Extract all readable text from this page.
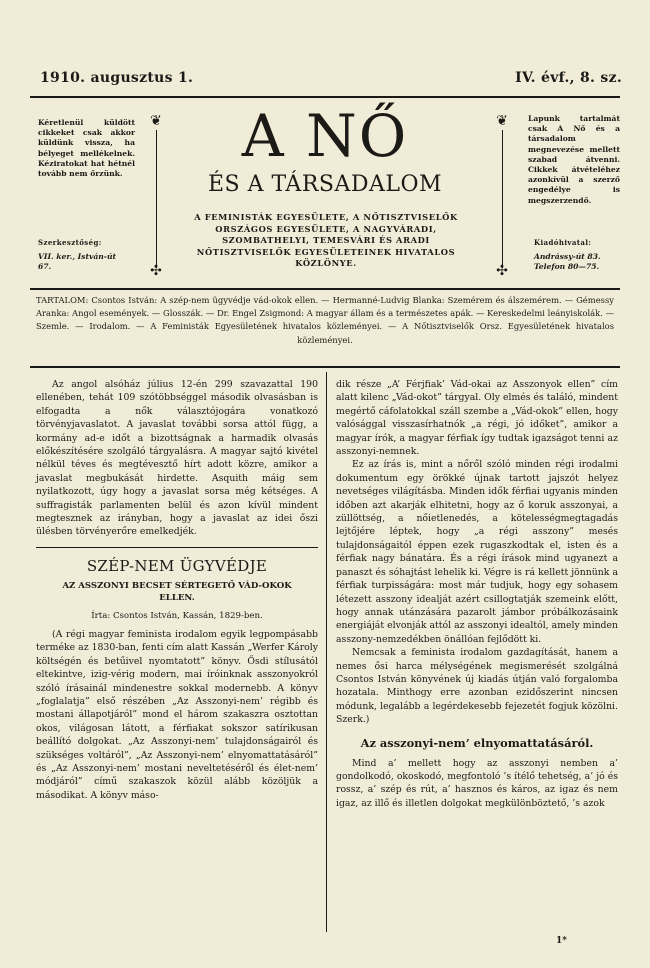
1910. augusztus 1.	IV. évf., 8. sz.
Kéretlenül küldött cikkeket csak akkor küldünk vissza, ha bélyeget mellékelnek. Kéziratokat hat hétnél tovább nem őrzünk.
Szerkesztőség:
VII. ker., István-út 67.
❦
✣
A NŐ
ÉS A TÁRSADALOM
A FEMINISTÁK EGYESÜLETE, A NŐTISZTVISELŐK ORSZÁGOS EGYESÜLETE, A NAGYVÁRADI, SZOMBATHELYI, TEMESVÁRI ÉS ARADI NŐTISZTVISELŐK EGYESÜLETEINEK HIVATALOS KÖZLÖNYE.
❦
✣
Lapunk tartalmát csak A Nő és a társadalom megnevezése mellett szabad átvenni. Cikkek átvételéhez azonkívül a szerző engedélye is megszerzendő.
Kiadóhivatal:
Andrássy-út 83. Telefon 80—75.
TARTALOM: Csontos István: A szép-nem ügyvédje vád-okok ellen. — Hermanné-Ludvig Blanka: Szemérem és álszemérem. — Gémessy Aranka: Angol események. — Glosszák. — Dr. Engel Zsigmond: A magyar állam és a természetes apák. — Kereskedelmi leányiskolák. — Szemle. — Irodalom. — A Feministák Egyesületének hivatalos közleményei. — A Nőtisztviselők Orsz. Egyesületének hivatalos közleményei.

Az angol alsóház július 12-én 299 szavazattal 190 ellenében, tehát 109 szótöbbséggel második olvasásban is elfogadta a nők választójogára vonatkozó törvényjavaslatot. A javaslat további sorsa attól függ, a kormány ad-e időt a bizottságnak a harmadik olvasás előkészítésére szolgáló tárgyalásra. A magyar sajtó kivétel nélkül téves és megtévesztő hírt adott közre, amikor a javaslat megbukását hirdette. Asquith máig sem nyilatkozott, úgy hogy a javaslat sorsa még kétséges. A suffragisták parlamenten belül és azon kívül mindent megtesznek az irányban, hogy a javaslat az idei őszi ülésben törvényerőre emelkedjék.

SZÉP-NEM ÜGYVÉDJE
AZ ASSZONYI BECSET SÉRTEGETŐ VÁD-OKOK ELLEN.
Írta: Csontos István, Kassán, 1829-ben.

(A régi magyar feminista irodalom egyik legpompásabb terméke az 1830-ban, fenti cím alatt Kassán „Werfer Károly költségén és betűivel nyomtatott” könyv. Ősdi stílusától eltekintve, izig-vérig modern, mai íróinknak asszonyokról szóló írásainál mindenestre sokkal modernebb. A könyv „foglalatja” első részében „Az Asszonyi-nem’ régibb és mostani állapotjáról” mond el három szakaszra osztottan okos, világosan látott, a férfiakat sokszor satírikusan beállító dolgokat. „Az Asszonyi-nem’ tulajdonságairól és szükséges voltáról”, „Az Asszonyi-nem’ elnyomattatásáról” és „Az Asszonyi-nem’ mostani neveltetéséről és élet-nem’ módjáról” című szakaszok közül alább közöljük a másodikat. A könyv máso-

dik része „A’ Férjfiak’ Vád-okai az Asszonyok ellen” cím alatt kilenc „Vád-okot” tárgyal. Oly elmés és találó, mindent megértő cáfolatokkal száll szembe a „Vád-okok” ellen, hogy valósággal visszasírhatnók „a régi, jó időket”, amikor a magyar írók, a magyar férfiak így tudtak igazságot tenni az asszonyi-nemnek.

Ez az írás is, mint a nőről szóló minden régi irodalmi dokumentum egy örökké újnak tartott jajszót helyez nevetséges világításba. Minden idők férfiai ugyanis minden időben azt akarják elhitetni, hogy az ő koruk asszonyai, a züllöttség, a nőietlenedés, a kötelességmegtagadás lejtőjére léptek, hogy „a régi asszony” mesés tulajdonságaitól éppen ezek rugaszkodtak el, isten és a férfiak nagy bánatára. És a régi írások mind ugyanezt a panaszt és sóhajtást lehelik ki. Végre is rá kellett jönnünk a férfiak turpisságára: most már tudjuk, hogy egy sohasem létezett asszony idealját azért csillogtatják szemeink előtt, hogy annak utánzására pazarolt jámbor próbálkozásaink energiáját elvonják attól az asszonyi idealtól, amely minden asszony-nemzedékben önállóan fejlődött ki.

Nemcsak a feminista irodalom gazdagítását, hanem a nemes ősi harca mélységének megismerését szolgálná Csontos István könyvének új kiadás útján való forgalomba hozatala. Minthogy erre azonban ezidőszerint nincsen módunk, legalább a legérdekesebb fejezetét fogjuk közölni. Szerk.)

Az asszonyi-nem’ elnyomattatásáról.

Mind a’ mellett hogy az asszonyi nemben a’ gondolkodó, okoskodó, megfontoló ’s ítélő tehetség, a’ jó és rossz, a’ szép és rút, a’ hasznos és káros, az igaz és nem igaz, az illő és illetlen dolgokat megkülönböztető, ’s azok

1*
